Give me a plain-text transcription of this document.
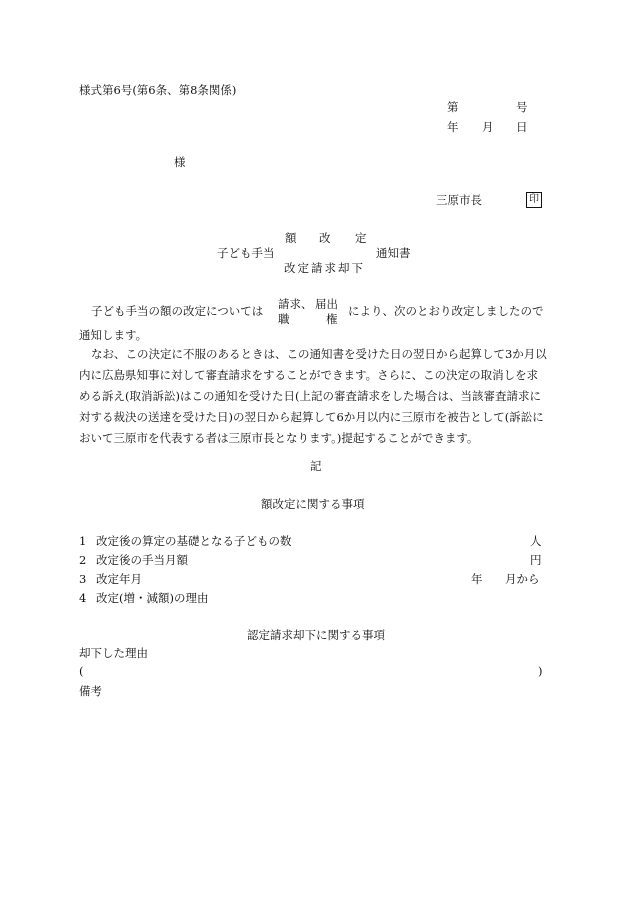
様式第6号(第6条、第8条関係)
第	号
年 月 日
様
三原市長	印
額 改 定
子ども手当	通知書
改定請求却下
子ども手当の額の改定については 請求、 届出
職	権
により、次のとおり改定しましたので
通知します。
なお、この決定に不服のあるときは、この通知書を受けた日の翌日から起算して3か月以内に広島県知事に対して審査請求をすることができます。さらに、この決定の取消しを求める訴え(取消訴訟)はこの通知を受けた日(上記の審査請求をした場合は、当該審査請求に対する裁決の送達を受けた日)の翌日から起算して6か月以内に三原市を被告として(訴訟において三原市を代表する者は三原市長となります。)提起することができます。
記
額改定に関する事項
1 改定後の算定の基礎となる子どもの数	人
2 改定後の手当月額	円
3 改定年月	年 月から
4 改定(増・減額)の理由
認定請求却下に関する事項
却下した理由
(	)
備考
